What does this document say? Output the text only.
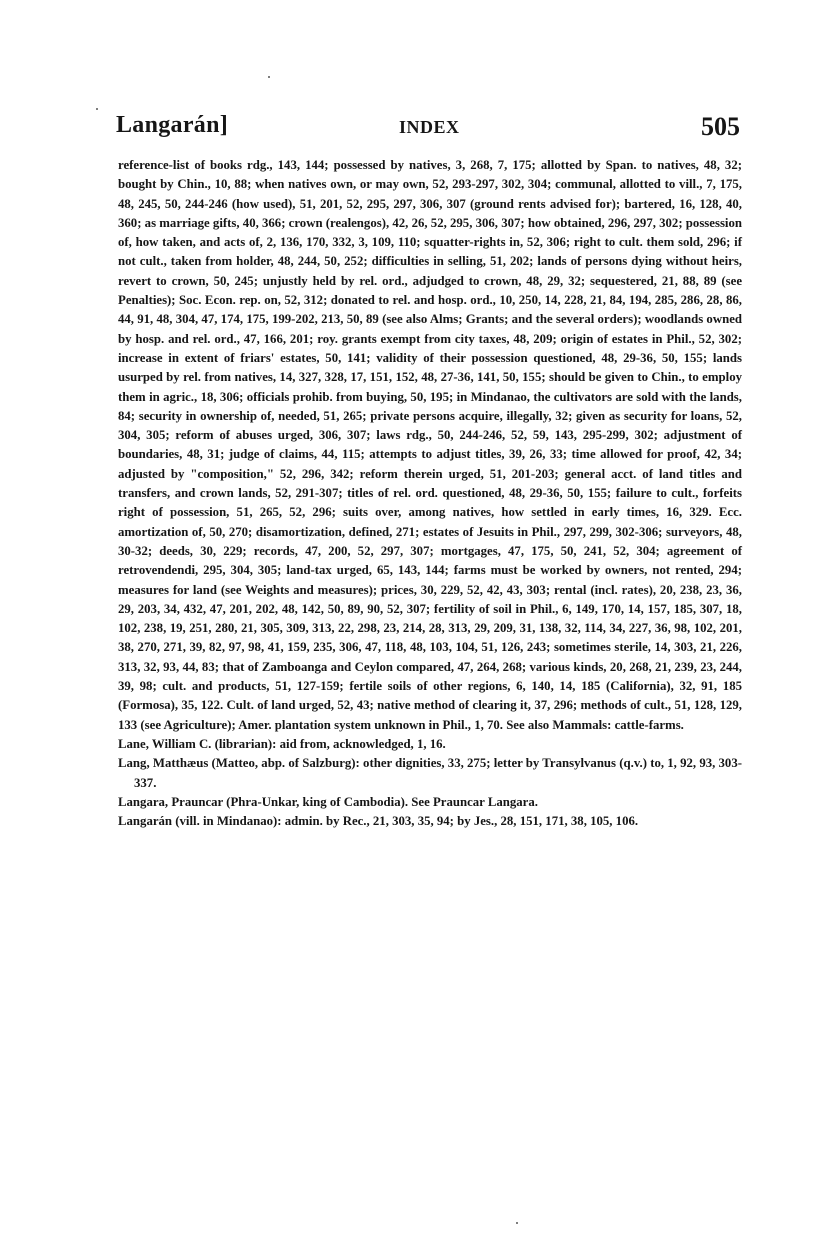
Langarán]	INDEX	505

reference-list of books rdg., 143, 144; possessed by natives, 3, 268, 7, 175; allotted by Span. to natives, 48, 32; bought by Chin., 10, 88; when natives own, or may own, 52, 293-297, 302, 304; communal, allotted to vill., 7, 175, 48, 245, 50, 244-246 (how used), 51, 201, 52, 295, 297, 306, 307 (ground rents advised for); bartered, 16, 128, 40, 360; as marriage gifts, 40, 366; crown (realengos), 42, 26, 52, 295, 306, 307; how obtained, 296, 297, 302; possession of, how taken, and acts of, 2, 136, 170, 332, 3, 109, 110; squatter-rights in, 52, 306; right to cult. them sold, 296; if not cult., taken from holder, 48, 244, 50, 252; difficulties in selling, 51, 202; lands of persons dying without heirs, revert to crown, 50, 245; unjustly held by rel. ord., adjudged to crown, 48, 29, 32; sequestered, 21, 88, 89 (see Penalties); Soc. Econ. rep. on, 52, 312; donated to rel. and hosp. ord., 10, 250, 14, 228, 21, 84, 194, 285, 286, 28, 86, 44, 91, 48, 304, 47, 174, 175, 199-202, 213, 50, 89 (see also Alms; Grants; and the several orders); woodlands owned by hosp. and rel. ord., 47, 166, 201; roy. grants exempt from city taxes, 48, 209; origin of estates in Phil., 52, 302; increase in extent of friars' estates, 50, 141; validity of their possession questioned, 48, 29-36, 50, 155; lands usurped by rel. from natives, 14, 327, 328, 17, 151, 152, 48, 27-36, 141, 50, 155; should be given to Chin., to employ them in agric., 18, 306; officials prohib. from buying, 50, 195; in Mindanao, the cultivators are sold with the lands, 84; security in ownership of, needed, 51, 265; private persons acquire, illegally, 32; given as security for loans, 52, 304, 305; reform of abuses urged, 306, 307; laws rdg., 50, 244-246, 52, 59, 143, 295-299, 302; adjustment of boundaries, 48, 31; judge of claims, 44, 115; attempts to adjust titles, 39, 26, 33; time allowed for proof, 42, 34; adjusted by "composition," 52, 296, 342; reform therein urged, 51, 201-203; general acct. of land titles and transfers, and crown lands, 52, 291-307; titles of rel. ord. questioned, 48, 29-36, 50, 155; failure to cult., forfeits right of possession, 51, 265, 52, 296; suits over, among natives, how settled in early times, 16, 329. Ecc. amortization of, 50, 270; disamortization, defined, 271; estates of Jesuits in Phil., 297, 299, 302-306; surveyors, 48, 30-32; deeds, 30, 229; records, 47, 200, 52, 297, 307; mortgages, 47, 175, 50, 241, 52, 304; agreement of retrovendendi, 295, 304, 305; land-tax urged, 65, 143, 144; farms must be worked by owners, not rented, 294; measures for land (see Weights and measures); prices, 30, 229, 52, 42, 43, 303; rental (incl. rates), 20, 238, 23, 36, 29, 203, 34, 432, 47, 201, 202, 48, 142, 50, 89, 90, 52, 307; fertility of soil in Phil., 6, 149, 170, 14, 157, 185, 307, 18, 102, 238, 19, 251, 280, 21, 305, 309, 313, 22, 298, 23, 214, 28, 313, 29, 209, 31, 138, 32, 114, 34, 227, 36, 98, 102, 201, 38, 270, 271, 39, 82, 97, 98, 41, 159, 235, 306, 47, 118, 48, 103, 104, 51, 126, 243; sometimes sterile, 14, 303, 21, 226, 313, 32, 93, 44, 83; that of Zamboanga and Ceylon compared, 47, 264, 268; various kinds, 20, 268, 21, 239, 23, 244, 39, 98; cult. and products, 51, 127-159; fertile soils of other regions, 6, 140, 14, 185 (California), 32, 91, 185 (Formosa), 35, 122. Cult. of land urged, 52, 43; native method of clearing it, 37, 296; methods of cult., 51, 128, 129, 133 (see Agriculture); Amer. plantation system unknown in Phil., 1, 70. See also Mammals: cattle-farms.

Lane, William C. (librarian): aid from, acknowledged, 1, 16.

Lang, Matthæus (Matteo, abp. of Salzburg): other dignities, 33, 275; letter by Transylvanus (q.v.) to, 1, 92, 93, 303-337.

Langara, Prauncar (Phra-Unkar, king of Cambodia). See Prauncar Langara.

Langarán (vill. in Mindanao): admin. by Rec., 21, 303, 35, 94; by Jes., 28, 151, 171, 38, 105, 106.
